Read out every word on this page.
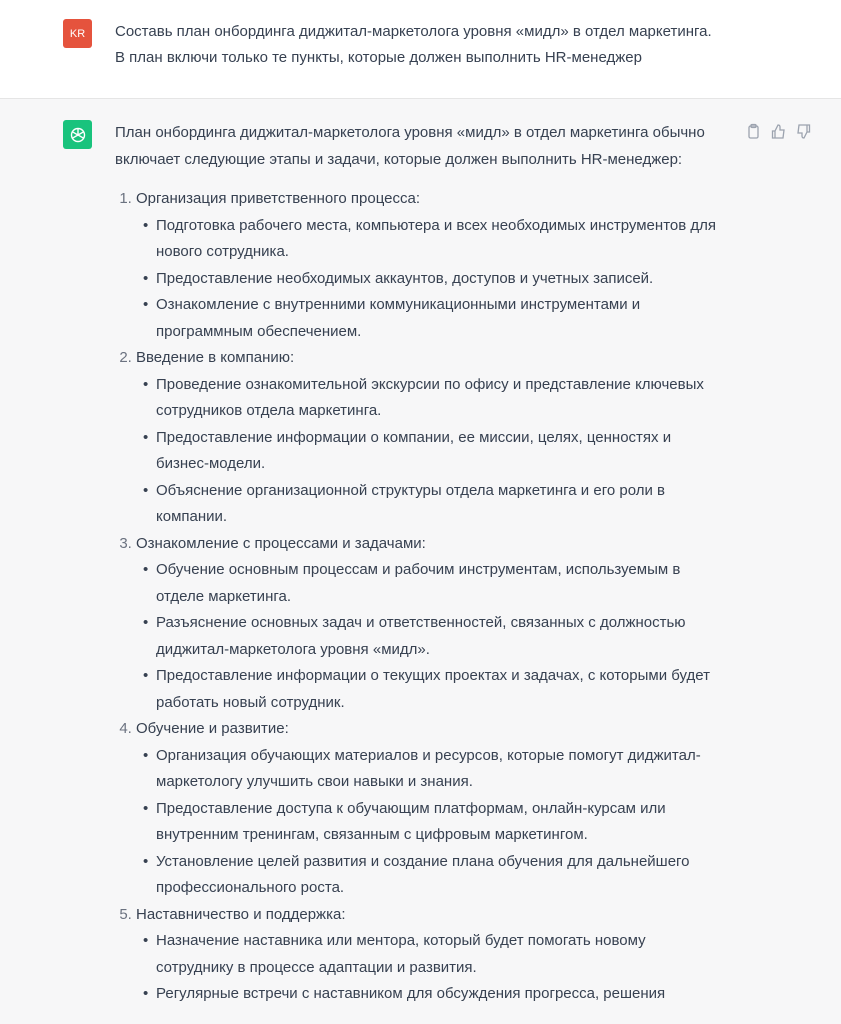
KR	Составь план онбординга диджитал-маркетолога уровня «мидл» в отдел маркетинга.
В план включи только те пункты, которые должен выполнить HR-менеджер

План онбординга диджитал-маркетолога уровня «мидл» в отдел маркетинга обычно включает следующие этапы и задачи, которые должен выполнить HR-менеджер:

1. Организация приветственного процесса:
• Подготовка рабочего места, компьютера и всех необходимых инструментов для нового сотрудника.
• Предоставление необходимых аккаунтов, доступов и учетных записей.
• Ознакомление с внутренними коммуникационными инструментами и программным обеспечением.
2. Введение в компанию:
• Проведение ознакомительной экскурсии по офису и представление ключевых сотрудников отдела маркетинга.
• Предоставление информации о компании, ее миссии, целях, ценностях и бизнес-модели.
• Объяснение организационной структуры отдела маркетинга и его роли в компании.
3. Ознакомление с процессами и задачами:
• Обучение основным процессам и рабочим инструментам, используемым в отделе маркетинга.
• Разъяснение основных задач и ответственностей, связанных с должностью диджитал-маркетолога уровня «мидл».
• Предоставление информации о текущих проектах и задачах, с которыми будет работать новый сотрудник.
4. Обучение и развитие:
• Организация обучающих материалов и ресурсов, которые помогут диджитал-маркетологу улучшить свои навыки и знания.
• Предоставление доступа к обучающим платформам, онлайн-курсам или внутренним тренингам, связанным с цифровым маркетингом.
• Установление целей развития и создание плана обучения для дальнейшего профессионального роста.
5. Наставничество и поддержка:
• Назначение наставника или ментора, который будет помогать новому сотруднику в процессе адаптации и развития.
• Регулярные встречи с наставником для обсуждения прогресса, решения
